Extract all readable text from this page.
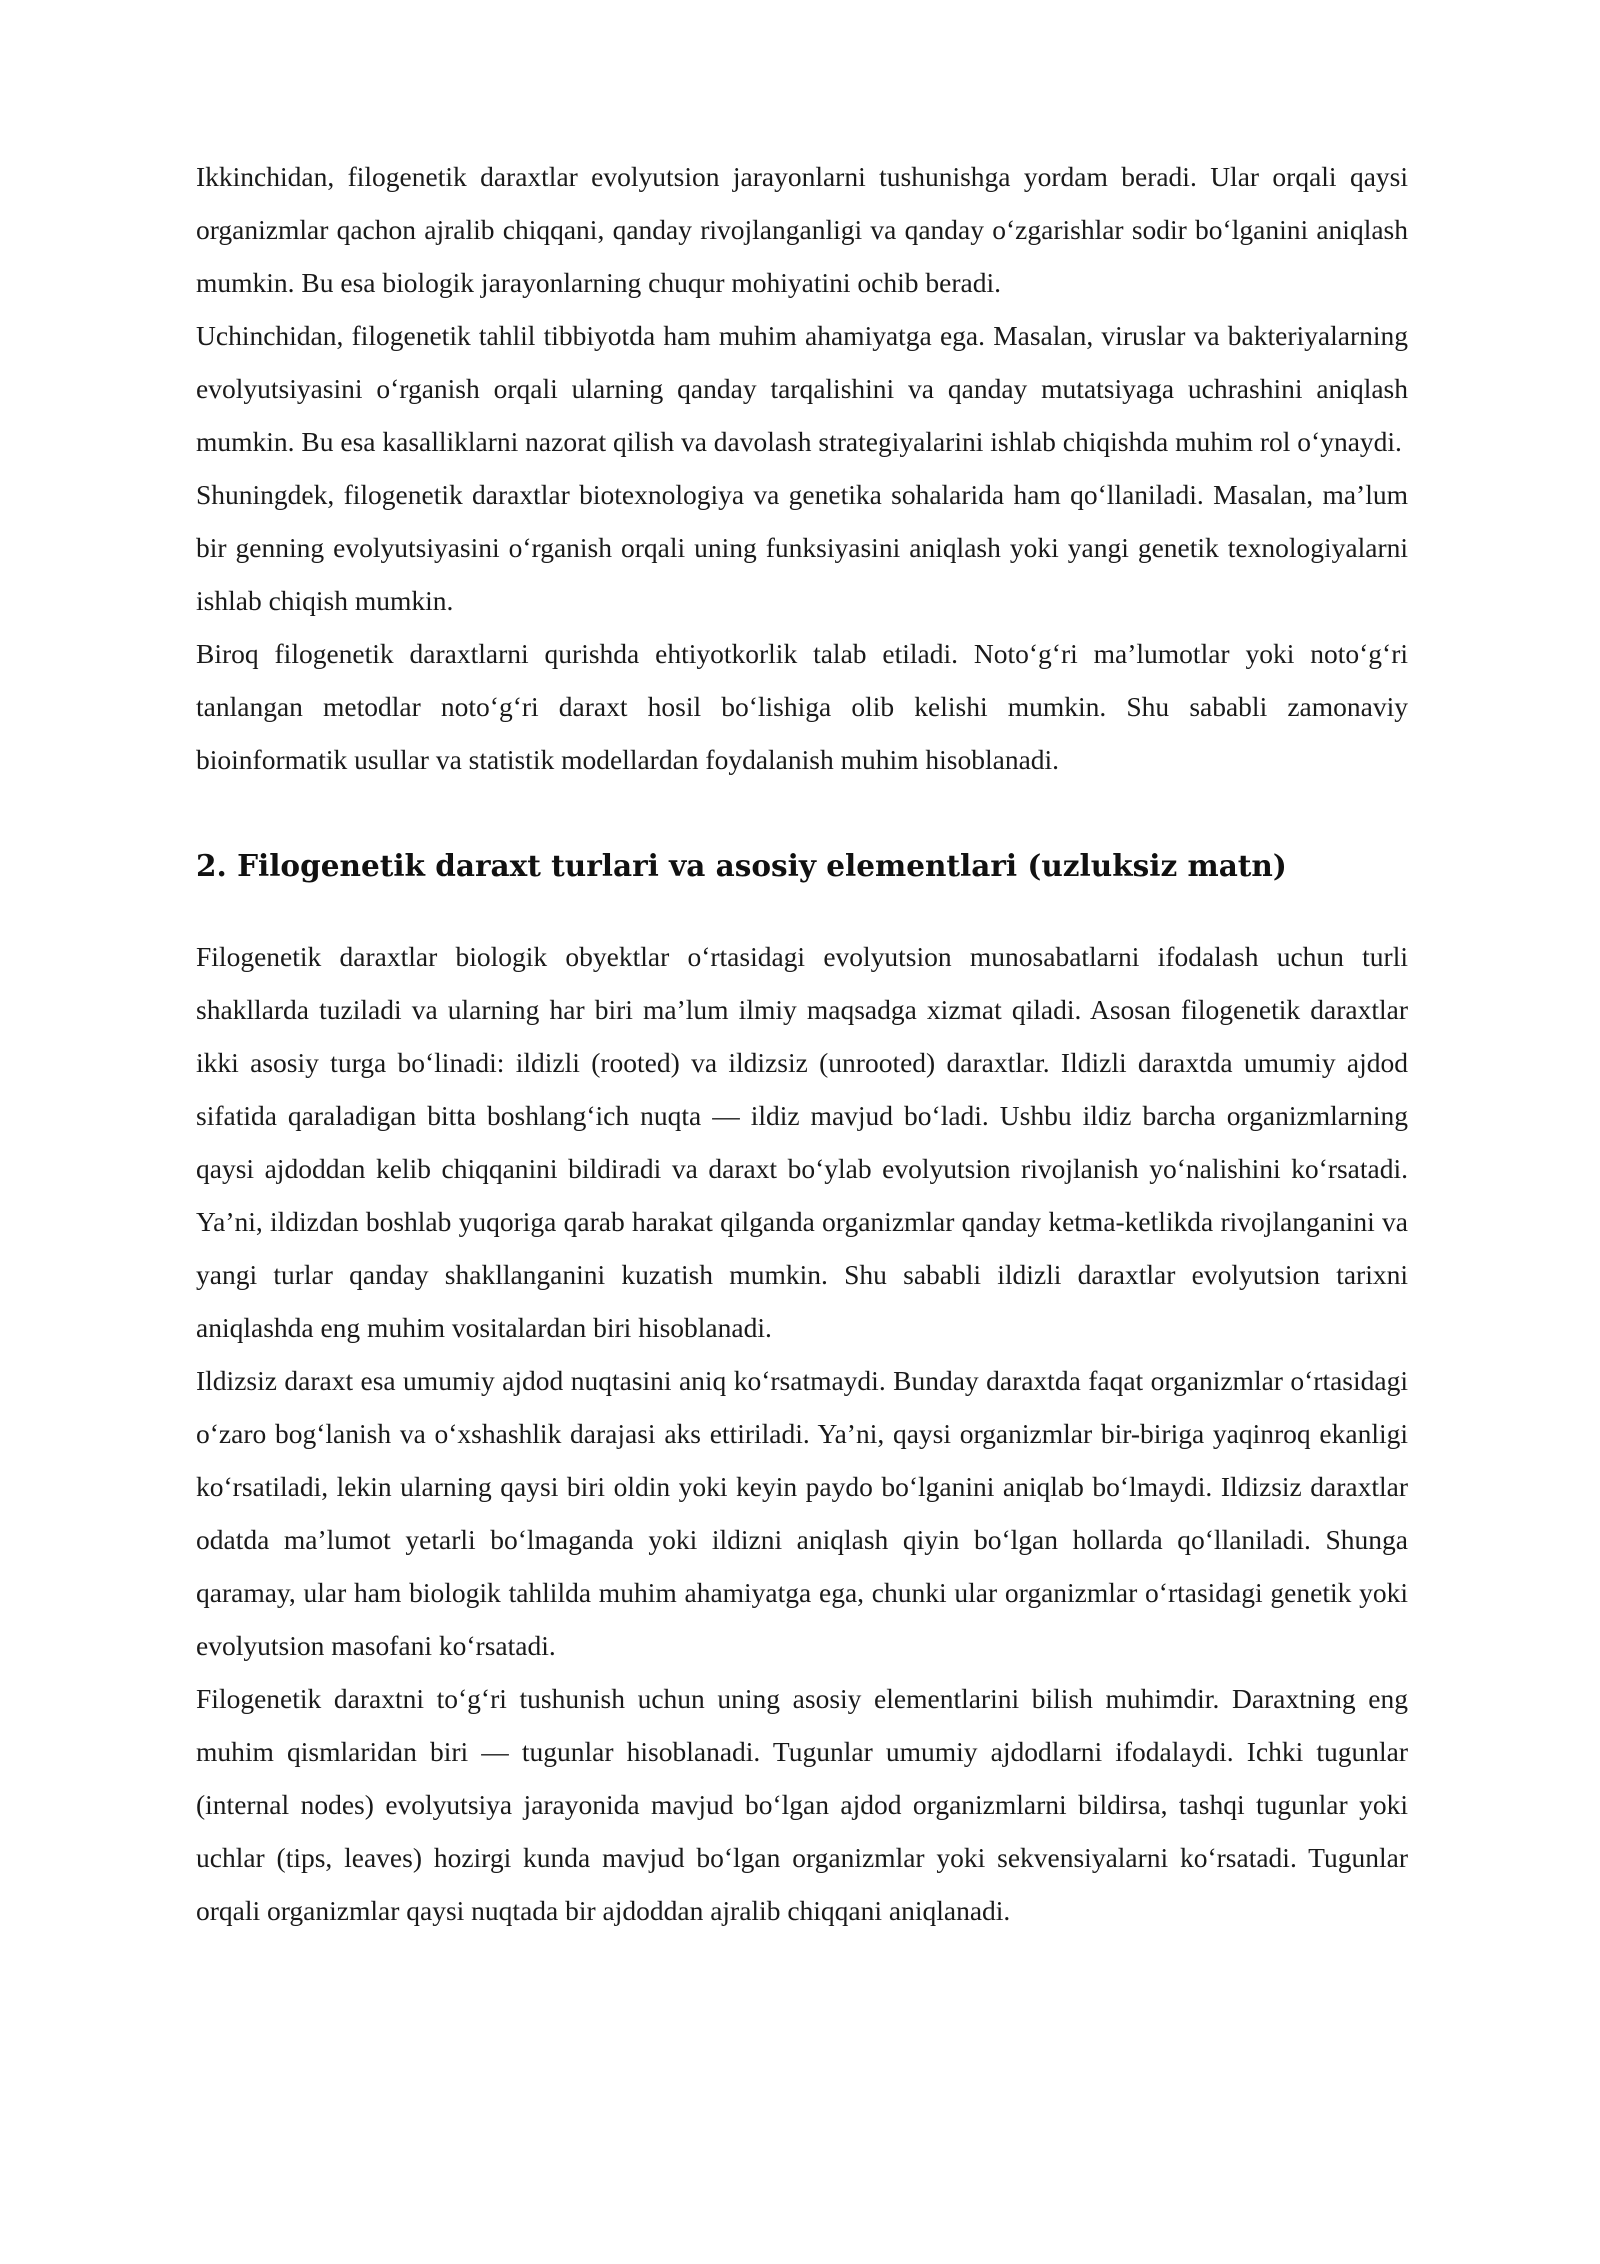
Ikkinchidan, filogenetik daraxtlar evolyutsion jarayonlarni tushunishga yordam beradi. Ular orqali qaysi organizmlar qachon ajralib chiqqani, qanday rivojlanganligi va qanday o‘zgarishlar sodir bo‘lganini aniqlash mumkin. Bu esa biologik jarayonlarning chuqur mohiyatini ochib beradi.

Uchinchidan, filogenetik tahlil tibbiyotda ham muhim ahamiyatga ega. Masalan, viruslar va bakteriyalarning evolyutsiyasini o‘rganish orqali ularning qanday tarqalishini va qanday mutatsiyaga uchrashini aniqlash mumkin. Bu esa kasalliklarni nazorat qilish va davolash strategiyalarini ishlab chiqishda muhim rol o‘ynaydi.

Shuningdek, filogenetik daraxtlar biotexnologiya va genetika sohalarida ham qo‘llaniladi. Masalan, ma’lum bir genning evolyutsiyasini o‘rganish orqali uning funksiyasini aniqlash yoki yangi genetik texnologiyalarni ishlab chiqish mumkin.

Biroq filogenetik daraxtlarni qurishda ehtiyotkorlik talab etiladi. Noto‘g‘ri ma’lumotlar yoki noto‘g‘ri tanlangan metodlar noto‘g‘ri daraxt hosil bo‘lishiga olib kelishi mumkin. Shu sababli zamonaviy bioinformatik usullar va statistik modellardan foydalanish muhim hisoblanadi.

2. Filogenetik daraxt turlari va asosiy elementlari (uzluksiz matn)

Filogenetik daraxtlar biologik obyektlar o‘rtasidagi evolyutsion munosabatlarni ifodalash uchun turli shakllarda tuziladi va ularning har biri ma’lum ilmiy maqsadga xizmat qiladi. Asosan filogenetik daraxtlar ikki asosiy turga bo‘linadi: ildizli (rooted) va ildizsiz (unrooted) daraxtlar. Ildizli daraxtda umumiy ajdod sifatida qaraladigan bitta boshlang‘ich nuqta — ildiz mavjud bo‘ladi. Ushbu ildiz barcha organizmlarning qaysi ajdoddan kelib chiqqanini bildiradi va daraxt bo‘ylab evolyutsion rivojlanish yo‘nalishini ko‘rsatadi. Ya’ni, ildizdan boshlab yuqoriga qarab harakat qilganda organizmlar qanday ketma-ketlikda rivojlanganini va yangi turlar qanday shakllanganini kuzatish mumkin. Shu sababli ildizli daraxtlar evolyutsion tarixni aniqlashda eng muhim vositalardan biri hisoblanadi.

Ildizsiz daraxt esa umumiy ajdod nuqtasini aniq ko‘rsatmaydi. Bunday daraxtda faqat organizmlar o‘rtasidagi o‘zaro bog‘lanish va o‘xshashlik darajasi aks ettiriladi. Ya’ni, qaysi organizmlar bir-biriga yaqinroq ekanligi ko‘rsatiladi, lekin ularning qaysi biri oldin yoki keyin paydo bo‘lganini aniqlab bo‘lmaydi. Ildizsiz daraxtlar odatda ma’lumot yetarli bo‘lmaganda yoki ildizni aniqlash qiyin bo‘lgan hollarda qo‘llaniladi. Shunga qaramay, ular ham biologik tahlilda muhim ahamiyatga ega, chunki ular organizmlar o‘rtasidagi genetik yoki evolyutsion masofani ko‘rsatadi.

Filogenetik daraxtni to‘g‘ri tushunish uchun uning asosiy elementlarini bilish muhimdir. Daraxtning eng muhim qismlaridan biri — tugunlar hisoblanadi. Tugunlar umumiy ajdodlarni ifodalaydi. Ichki tugunlar (internal nodes) evolyutsiya jarayonida mavjud bo‘lgan ajdod organizmlarni bildirsa, tashqi tugunlar yoki uchlar (tips, leaves) hozirgi kunda mavjud bo‘lgan organizmlar yoki sekvensiyalarni ko‘rsatadi. Tugunlar orqali organizmlar qaysi nuqtada bir ajdoddan ajralib chiqqani aniqlanadi.
